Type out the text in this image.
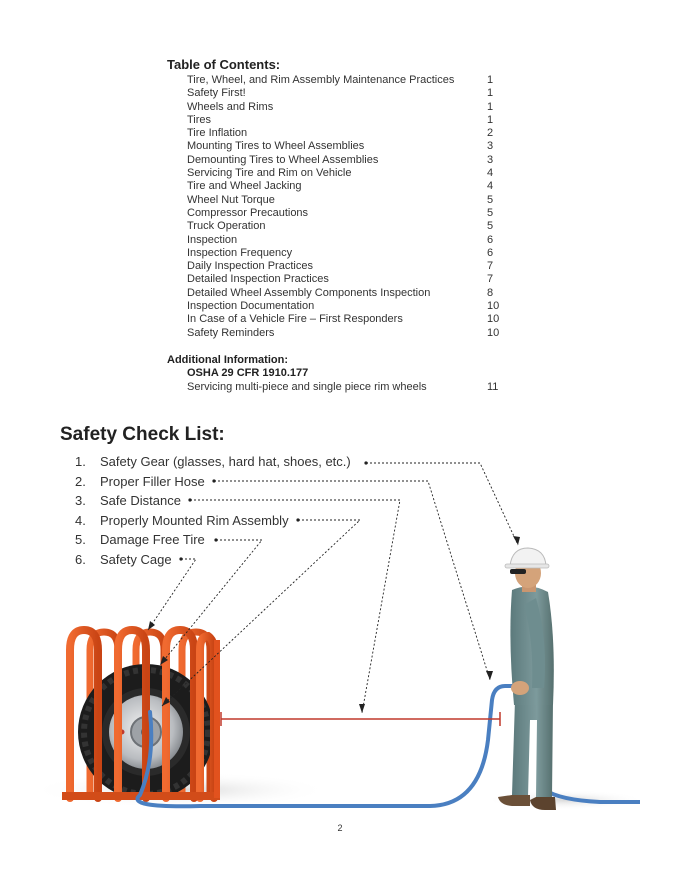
Table of Contents:
Tire, Wheel, and Rim Assembly Maintenance Practices	1
Safety First!	1
Wheels and Rims	1
Tires	1
Tire Inflation	2
Mounting Tires to Wheel Assemblies	3
Demounting Tires to Wheel Assemblies	3
Servicing Tire and Rim on Vehicle	4
Tire and Wheel Jacking	4
Wheel Nut Torque	5
Compressor Precautions	5
Truck Operation	5
Inspection	6
Inspection Frequency	6
Daily Inspection Practices	7
Detailed Inspection Practices	7
Detailed Wheel Assembly Components Inspection	8
Inspection Documentation	10
In Case of a Vehicle Fire – First Responders	10
Safety Reminders	10
Additional Information:
OSHA 29 CFR 1910.177
Servicing multi-piece and single piece rim wheels	11
Safety Check List:
1. Safety Gear (glasses, hard hat, shoes, etc.)
2. Proper Filler Hose
3. Safe Distance
4. Properly Mounted Rim Assembly
5. Damage Free Tire
6. Safety Cage
2
